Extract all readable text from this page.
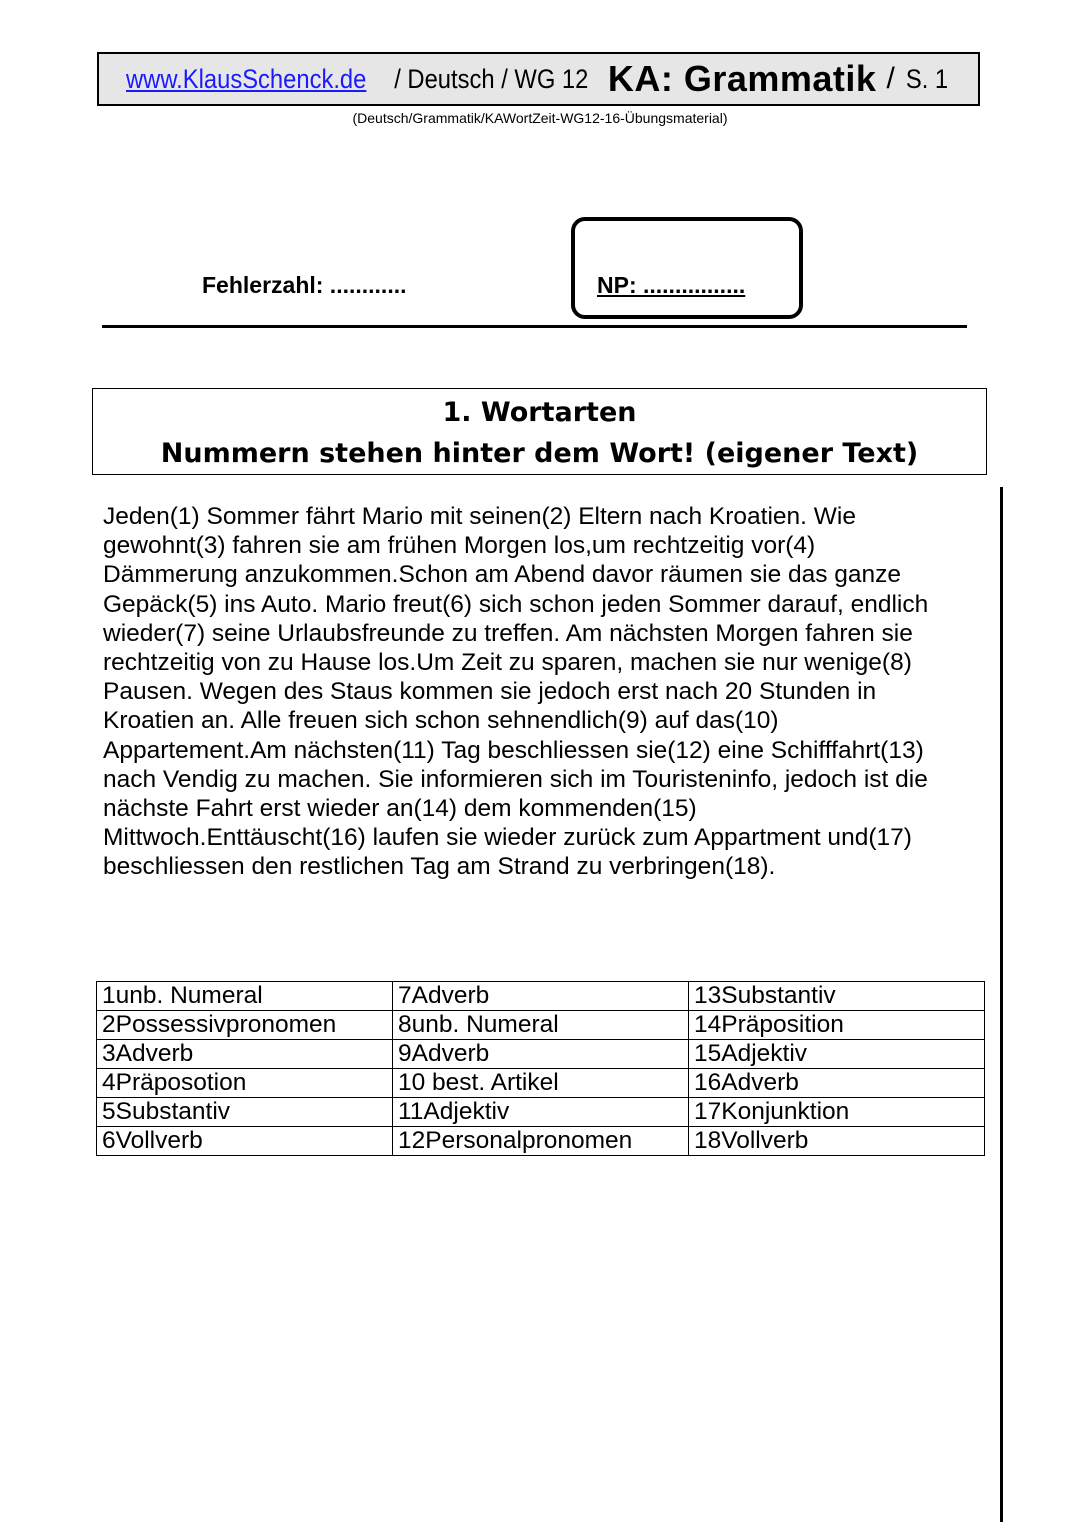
www.KlausSchenck.de / Deutsch / WG 12 KA: Grammatik / S. 1
(Deutsch/Grammatik/KAWortZeit-WG12-16-Übungsmaterial)
Fehlerzahl: ............	NP: ................
1. Wortarten
Nummern stehen hinter dem Wort! (eigener Text)
Jeden(1) Sommer fährt Mario mit seinen(2) Eltern nach Kroatien. Wie
gewohnt(3) fahren sie am frühen Morgen los,um rechtzeitig vor(4)
Dämmerung anzukommen.Schon am Abend davor räumen sie das ganze
Gepäck(5) ins Auto. Mario freut(6) sich schon jeden Sommer darauf, endlich
wieder(7) seine Urlaubsfreunde zu treffen. Am nächsten Morgen fahren sie
rechtzeitig von zu Hause los.Um Zeit zu sparen, machen sie nur wenige(8)
Pausen. Wegen des Staus kommen sie jedoch erst nach 20 Stunden in
Kroatien an. Alle freuen sich schon sehnendlich(9) auf das(10)
Appartement.Am nächsten(11) Tag beschliessen sie(12) eine Schifffahrt(13)
nach Vendig zu machen. Sie informieren sich im Touristeninfo, jedoch ist die
nächste Fahrt erst wieder an(14) dem kommenden(15)
Mittwoch.Enttäuscht(16) laufen sie wieder zurück zum Appartment und(17)
beschliessen den restlichen Tag am Strand zu verbringen(18).
1unb. Numeral	7Adverb	13Substantiv
2Possessivpronomen	8unb. Numeral	14Präposition
3Adverb	9Adverb	15Adjektiv
4Präposotion	10 best. Artikel	16Adverb
5Substantiv	11Adjektiv	17Konjunktion
6Vollverb	12Personalpronomen	18Vollverb
